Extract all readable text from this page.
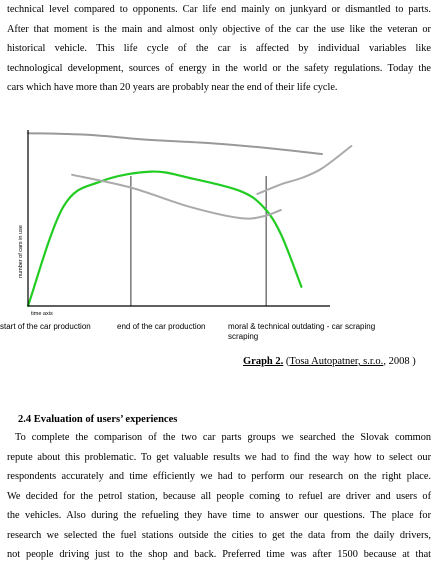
technical level compared to opponents. Car life end mainly on junkyard or dismantled to parts.
After that moment is the main and almost only objective of the car the use like the veteran or
historical vehicle. This life cycle of the car is affected by individual variables like
technological development, sources of energy in the world or the safety regulations. Today the
cars which have more than 20 years are probably near the end of their life cycle.
number of cars in use
time axis
start of the car production	end of the car production	moral & technical outdating - car scraping
scraping
Graph 2. (Tosa Autopatner, s.r.o., 2008 )
2.4 Evaluation of users’ experiences
To complete the comparison of the two car parts groups we searched the Slovak common
repute about this problematic. To get valuable results we had to find the way how to select our
respondents accurately and time efficiently we had to perform our research on the right place.
We decided for the petrol station, because all people coming to refuel are driver and users of
the vehicles. Also during the refueling they have time to answer our questions. The place for
research we selected the fuel stations outside the cities to get the data from the daily drivers,
not people driving just to the shop and back. Preferred time was after 1500 because at that
